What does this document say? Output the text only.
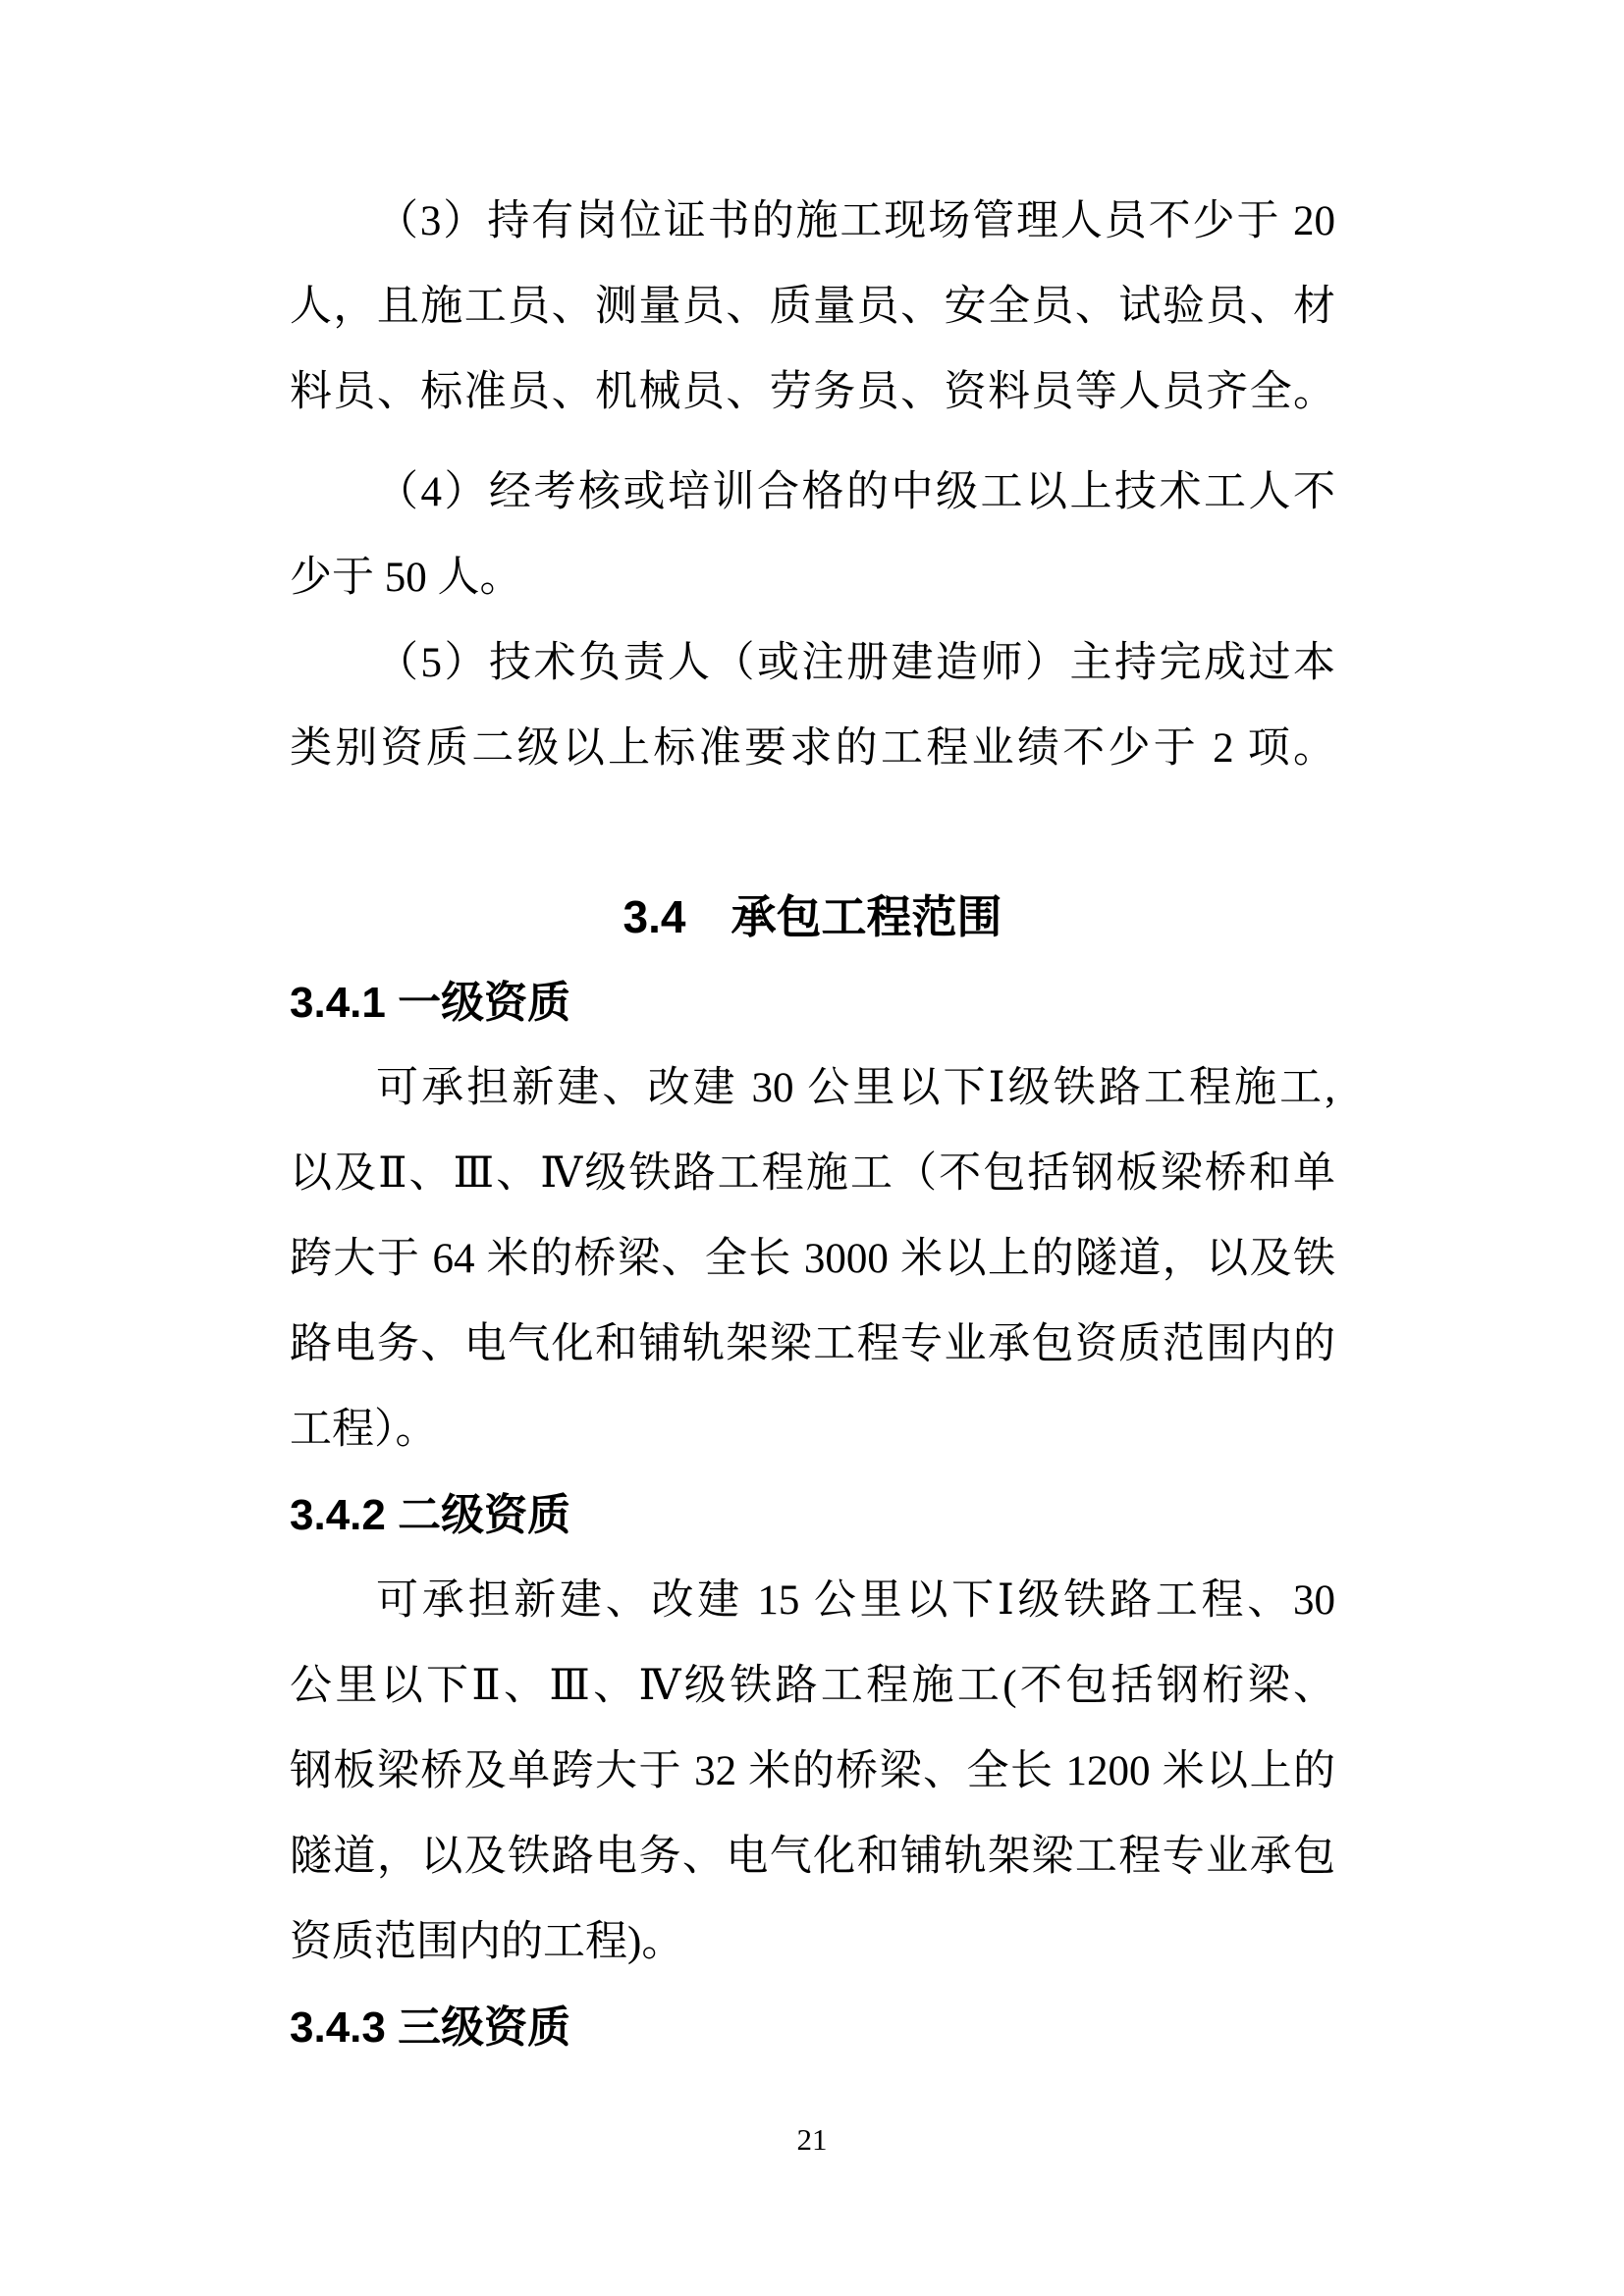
（3）持有岗位证书的施工现场管理人员不少于 20
人，且施工员、测量员、质量员、安全员、试验员、材
料员、标准员、机械员、劳务员、资料员等人员齐全。
（4）经考核或培训合格的中级工以上技术工人不
少于 50 人。
（5）技术负责人（或注册建造师）主持完成过本
类别资质二级以上标准要求的工程业绩不少于 2 项。
3.4　承包工程范围
3.4.1 一级资质
可承担新建、改建 30 公里以下Ⅰ级铁路工程施工,
以及Ⅱ、Ⅲ、Ⅳ级铁路工程施工（不包括钢板梁桥和单
跨大于 64 米的桥梁、全长 3000 米以上的隧道，以及铁
路电务、电气化和铺轨架梁工程专业承包资质范围内的
工程）。
3.4.2 二级资质
可承担新建、改建 15 公里以下Ⅰ级铁路工程、30
公里以下Ⅱ、Ⅲ、Ⅳ级铁路工程施工(不包括钢桁梁、
钢板梁桥及单跨大于 32 米的桥梁、全长 1200 米以上的
隧道，以及铁路电务、电气化和铺轨架梁工程专业承包
资质范围内的工程)。
3.4.3 三级资质
21
